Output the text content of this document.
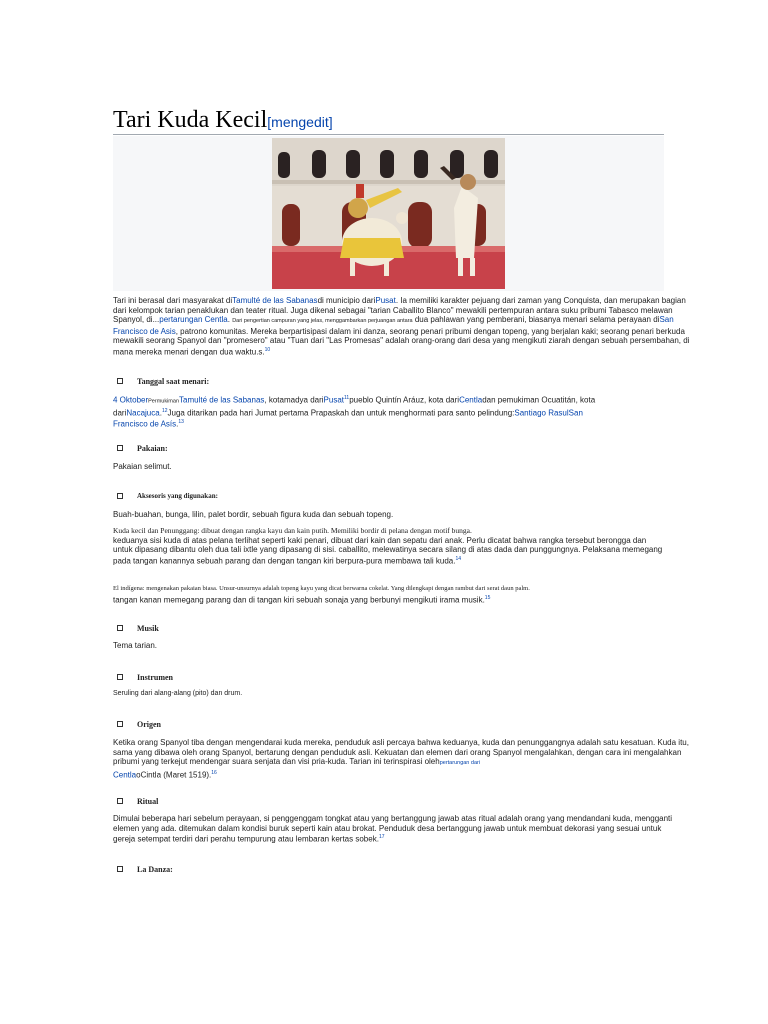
Tari Kuda Kecil[mengedit]

Tari ini berasal dari masyarakat diTamulté de las Sabanasdi municipio dariPusat. Ia memiliki karakter pejuang dari zaman yang Conquista, dan merupakan bagian dari kelompok tarian penaklukan dan teater ritual. Juga dikenal sebagai "tarian Caballito Blanco" mewakili pertempuran antara suku pribumi Tabasco melawan Spanyol, di...pertarungan Centla. Dari pengertian campuran yang jelas, menggambarkan perjuangan antara dua pahlawan yang pemberani, biasanya menari selama perayaan diSan Francisco de Asis, patrono komunitas. Mereka berpartisipasi dalam ini danza, seorang penari pribumi dengan topeng, yang berjalan kaki; seorang penari berkuda mewakili seorang Spanyol dan "promesero" atau "Tuan dari "Las Promesas" adalah orang-orang dari desa yang mengikuti ziarah dengan sebuah persembahan, di mana mereka menari dengan dua waktu.s.$^{10}$

Tanggal saat menari:

4 OktoberPermukimanTamulté de las Sabanas, kotamadya dariPusat$^{11}$pueblo Quintín Aráuz, kota dariCentladan pemukiman Ocuatitán, kota dariNacajuca.$^{12}$Juga ditarikan pada hari Jumat pertama Prapaskah dan untuk menghormati para santo pelindung:Santiago RasulSan Francisco de Asís.$^{13}$

Pakaian:

Pakaian selimut.

Aksesoris yang digunakan:

Buah-buahan, bunga, lilin, palet bordir, sebuah figura kuda dan sebuah topeng.

Kuda kecil dan Penunggang: dibuat dengan rangka kayu dan kain putih. Memiliki bordir di pelana dengan motif bunga.
keduanya sisi kuda di atas pelana terlihat seperti kaki penari, dibuat dari kain dan sepatu dari anak. Perlu dicatat bahwa rangka tersebut berongga dan untuk dipasang dibantu oleh dua tali ixtle yang dipasang di sisi. caballito, melewatinya secara silang di atas dada dan punggungnya. Pelaksana memegang pada tangan kanannya sebuah parang dan dengan tangan kiri berpura-pura membawa tali kuda.$^{14}$

El indígena: mengenakan pakaian biasa. Unsur-unsurnya adalah topeng kayu yang dicat berwarna cokelat. Yang dilengkapi dengan rambut dari serat daun palm.
tangan kanan memegang parang dan di tangan kiri sebuah sonaja yang berbunyi mengikuti irama musik.$^{15}$

Musik

Tema tarian.

Instrumen

Seruling dari alang-alang (pito) dan drum.

Origen

Ketika orang Spanyol tiba dengan mengendarai kuda mereka, penduduk asli percaya bahwa keduanya, kuda dan penunggangnya adalah satu kesatuan. Kuda itu, sama yang dibawa oleh orang Spanyol, bertarung dengan penduduk asli. Kekuatan dan elemen dari orang Spanyol mengalahkan, dengan cara ini mengalahkan pribumi yang terkejut mendengar suara senjata dan visi pria-kuda. Tarian ini terinspirasi olehpertarungan dari
CentlaoCintla (Maret 1519).$^{16}$

Ritual

Dimulai beberapa hari sebelum perayaan, si penggenggam tongkat atau yang bertanggung jawab atas ritual adalah orang yang mendandani kuda, mengganti elemen yang ada. ditemukan dalam kondisi buruk seperti kain atau brokat. Penduduk desa bertanggung jawab untuk membuat dekorasi yang sesuai untuk gereja setempat terdiri dari perahu tempurung atau lembaran kertas sobek.$^{17}$

La Danza:
